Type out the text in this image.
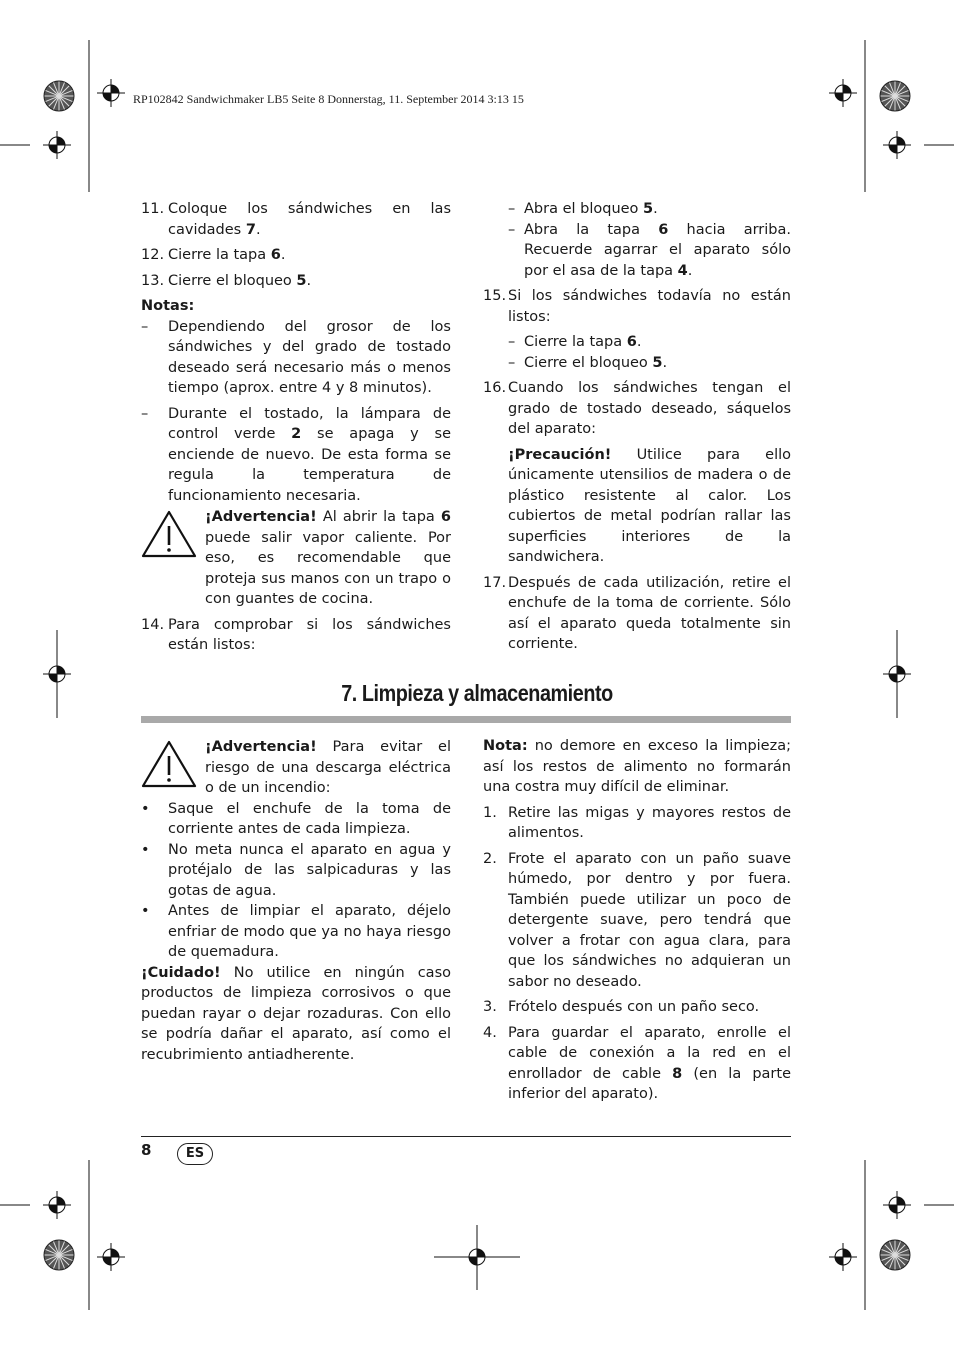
RP102842 Sandwichmaker LB5 Seite 8 Donnerstag, 11. September 2014 3:13 15
11. Coloque los sándwiches en las cavidades 7.
12. Cierre la tapa 6.
13. Cierre el bloqueo 5.
Notas:
–	Dependiendo del grosor de los sándwiches y del grado de tostado deseado será necesario más o menos tiempo (aprox. entre 4 y 8 minutos).
–	Durante el tostado, la lámpara de control verde 2 se apaga y se enciende de nuevo. De esta forma se regula la temperatura de funcionamiento necesaria.
¡Advertencia! Al abrir la tapa 6 puede salir vapor caliente. Por eso, es recomendable que proteja sus manos con un trapo o con guantes de cocina.
14. Para comprobar si los sándwiches están listos:
– Abra el bloqueo 5.
– Abra la tapa 6 hacia arriba. Recuerde agarrar el aparato sólo por el asa de la tapa 4.
15. Si los sándwiches todavía no están listos:
– Cierre la tapa 6.
– Cierre el bloqueo 5.
16. Cuando los sándwiches tengan el grado de tostado deseado, sáquelos del aparato:
¡Precaución! Utilice para ello únicamente utensilios de madera o de plástico resistente al calor. Los cubiertos de metal podrían rallar las superficies interiores de la sandwichera.
17. Después de cada utilización, retire el enchufe de la toma de corriente. Sólo así el aparato queda totalmente sin corriente.
7. Limpieza y almacenamiento
¡Advertencia! Para evitar el riesgo de una descarga eléctrica o de un incendio:
•	Saque el enchufe de la toma de corriente antes de cada limpieza.
•	No meta nunca el aparato en agua y protéjalo de las salpicaduras y las gotas de agua.
•	Antes de limpiar el aparato, déjelo enfriar de modo que ya no haya riesgo de quemadura.
¡Cuidado! No utilice en ningún caso productos de limpieza corrosivos o que puedan rayar o dejar rozaduras. Con ello se podría dañar el aparato, así como el recubrimiento antiadherente.
Nota: no demore en exceso la limpieza; así los restos de alimento no formarán una costra muy difícil de eliminar.
1. Retire las migas y mayores restos de alimentos.
2. Frote el aparato con un paño suave húmedo, por dentro y por fuera. También puede utilizar un poco de detergente suave, pero tendrá que volver a frotar con agua clara, para que los sándwiches no adquieran un sabor no deseado.
3. Frótelo después con un paño seco.
4. Para guardar el aparato, enrolle el cable de conexión a la red en el enrollador de cable 8 (en la parte inferior del aparato).
8	ES
